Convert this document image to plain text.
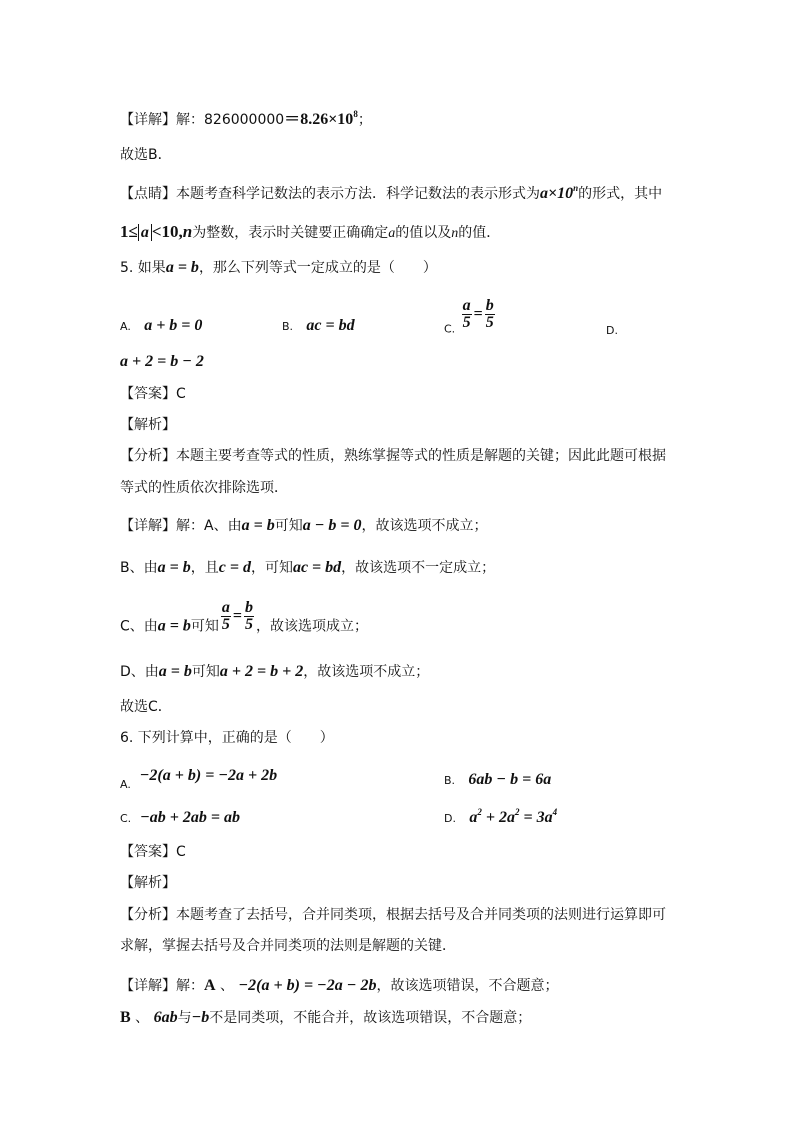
【详解】解：$826000000=8.26\times 10^8$；
故选B．
【点睛】本题考查科学记数法的表示方法．科学记数法的表示形式为$a\times 10^n$的形式，其中
1≤ a <10,n为整数，表示时关键要正确确定a的值以及n的值．
5. 如果a = b，那么下列等式一定成立的是（　　）
A. a + b = 0	B. ac = bd	$_{C.} \frac{a}{5} = \frac{b}{5}$	D.
a + 2 = b − 2
【答案】C
【解析】
【分析】本题主要考查等式的性质，熟练掌握等式的性质是解题的关键；因此此题可根据
等式的性质依次排除选项．
【详解】解：A、由a = b可知a − b = 0，故该选项不成立；
B、由a = b，且c = d，可知ac = bd，故该选项不一定成立；
C、由a = b可知 $\frac{a}{5} = \frac{b}{5}$ ，故该选项成立；
D、由a = b可知a + 2 = b + 2，故该选项不成立；
故选C．
6. 下列计算中，正确的是（　　）
$_{A.}$  −2(a + b) = −2a + 2b	B. 6ab − b = 6a
C. −ab + 2ab = ab	D. $a^2 + 2a^2 = 3a^4$
【答案】C
【解析】
【分析】本题考查了去括号，合并同类项，根据去括号及合并同类项的法则进行运算即可
求解，掌握去括号及合并同类项的法则是解题的关键．
【详解】解：A 、 −2(a + b) = −2a − 2b，故该选项错误，不合题意；
B 、 6ab与−b不是同类项，不能合并，故该选项错误，不合题意；
